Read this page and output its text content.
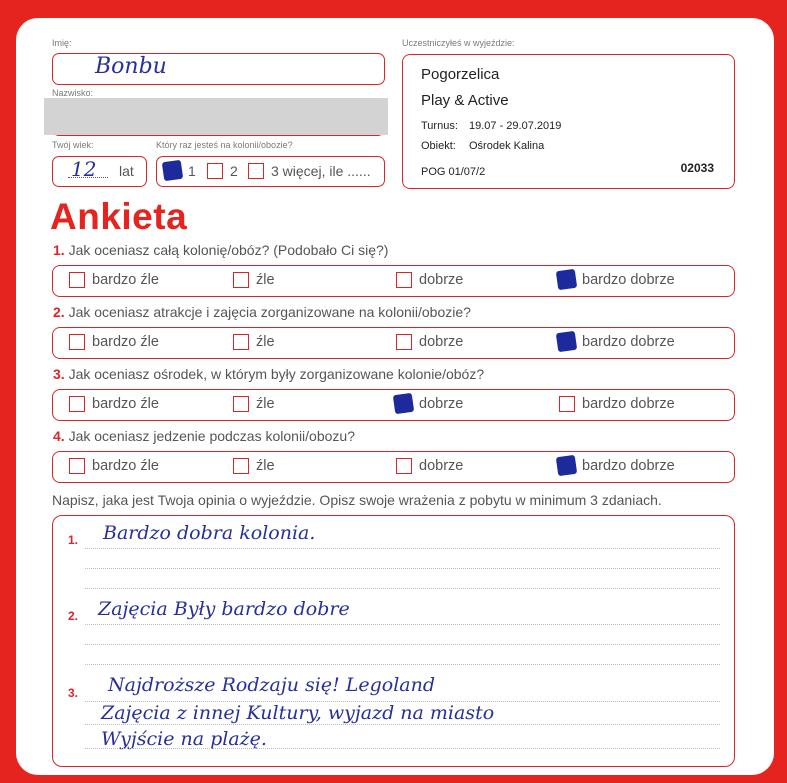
Imię:
Bonbu
Nazwisko:
Twój wiek:
12 lat
Który raz jesteś na kolonii/obozie?
1 2 3 więcej, ile ......
Uczestniczyłeś w wyjeździe:
Pogorzelica
Play & Active
Turnus: 19.07 - 29.07.2019
Obiekt: Ośrodek Kalina
POG 01/07/2	02033
Ankieta
1. Jak oceniasz całą kolonię/obóz? (Podobało Ci się?)
bardzo źle	źle	dobrze	bardzo dobrze
2. Jak oceniasz atrakcje i zajęcia zorganizowane na kolonii/obozie?
bardzo źle	źle	dobrze	bardzo dobrze
3. Jak oceniasz ośrodek, w którym były zorganizowane kolonie/obóz?
bardzo źle	źle	dobrze	bardzo dobrze
4. Jak oceniasz jedzenie podczas kolonii/obozu?
bardzo źle	źle	dobrze	bardzo dobrze
Napisz, jaka jest Twoja opinia o wyjeździe. Opisz swoje wrażenia z pobytu w minimum 3 zdaniach.
1. Bardzo dobra kolonia.
2. Zajęcia Były bardzo dobre
3. Najdroższe Rodzaju się! Legoland
Zajęcia z innej Kultury, wyjazd na miasto
Wyjście na plażę.
